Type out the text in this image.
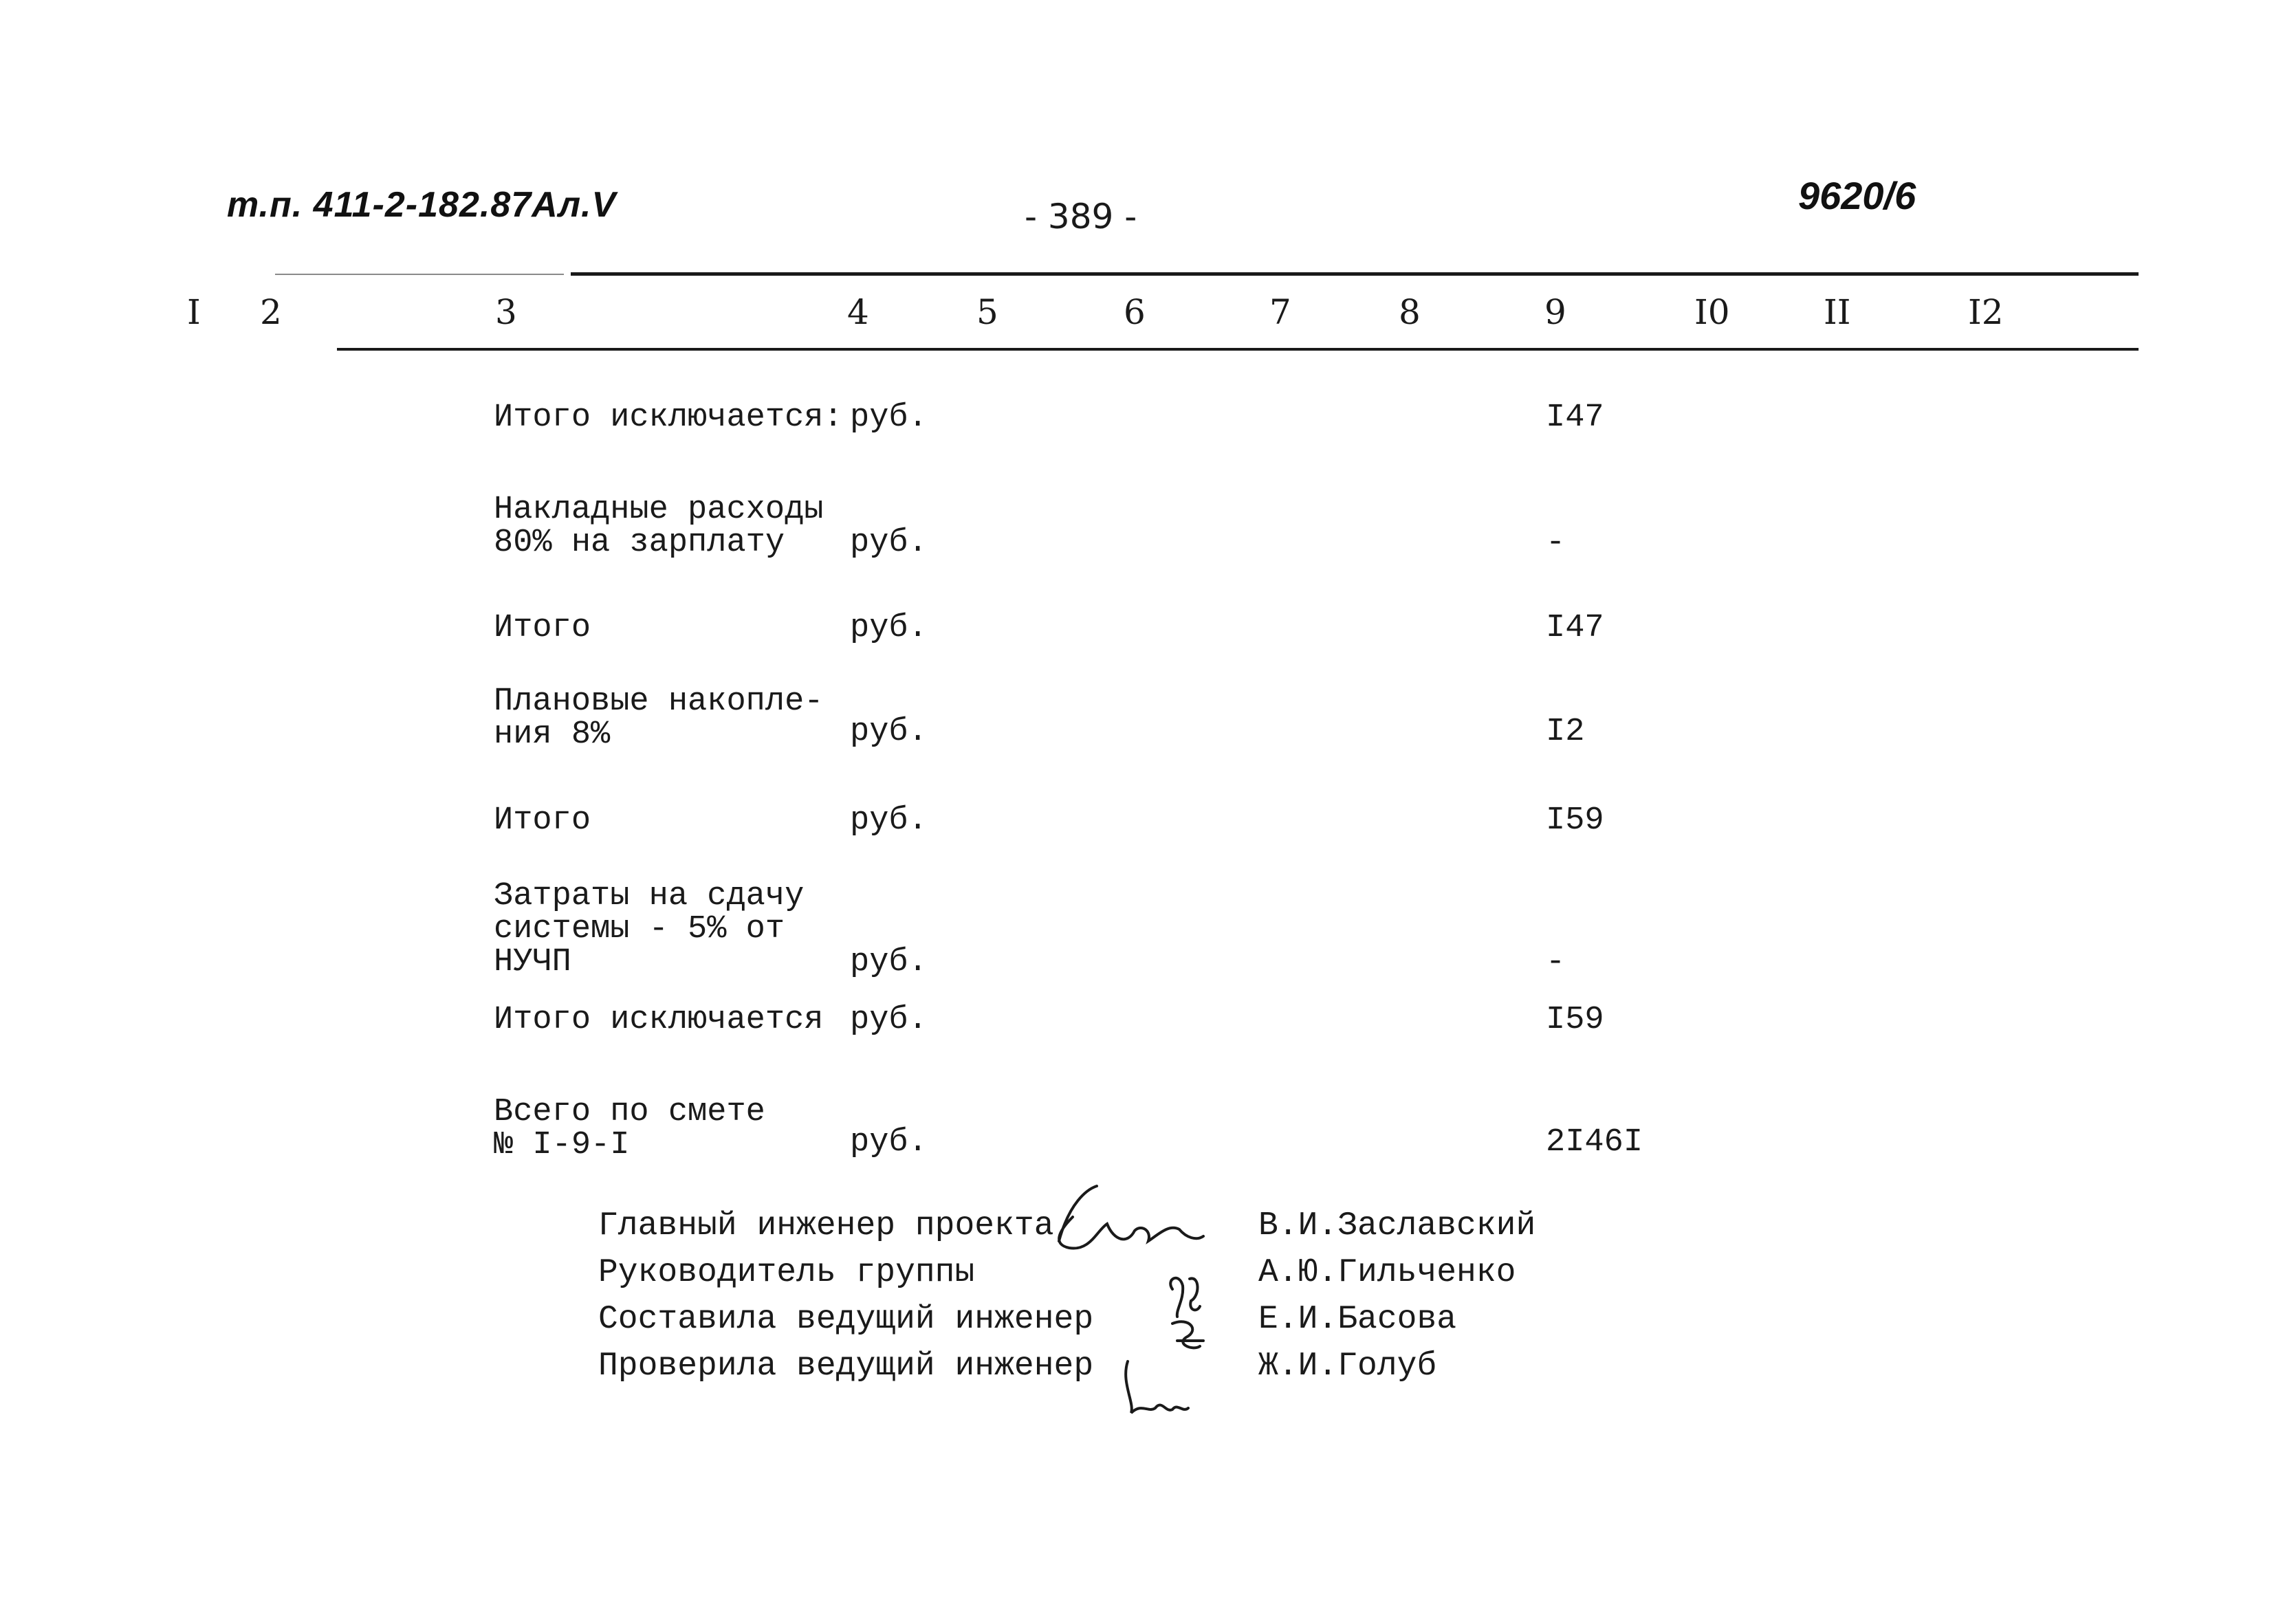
т.п. 411-2-182.87Ал.V	- 389 -	9620/6
I 2	3	4	5	6	7	8	9	I0	II	I2
Итого исключается: руб.	I47
Накладные расходы
80% на зарплату	руб.	-
Итого	руб.	I47
Плановые накопле-
ния 8%	руб.	I2
Итого	руб.	I59
Затраты на сдачу
системы - 5% от
НУЧП	руб.	-
Итого исключается руб.	I59
Всего по смете
№ I-9-I	руб.	2I46I
Главный инженер проекта	В.И.Заславский
Руководитель группы	А.Ю.Гильченко
Составила ведущий инженер	Е.И.Басова
Проверила ведущий инженер	Ж.И.Голуб
